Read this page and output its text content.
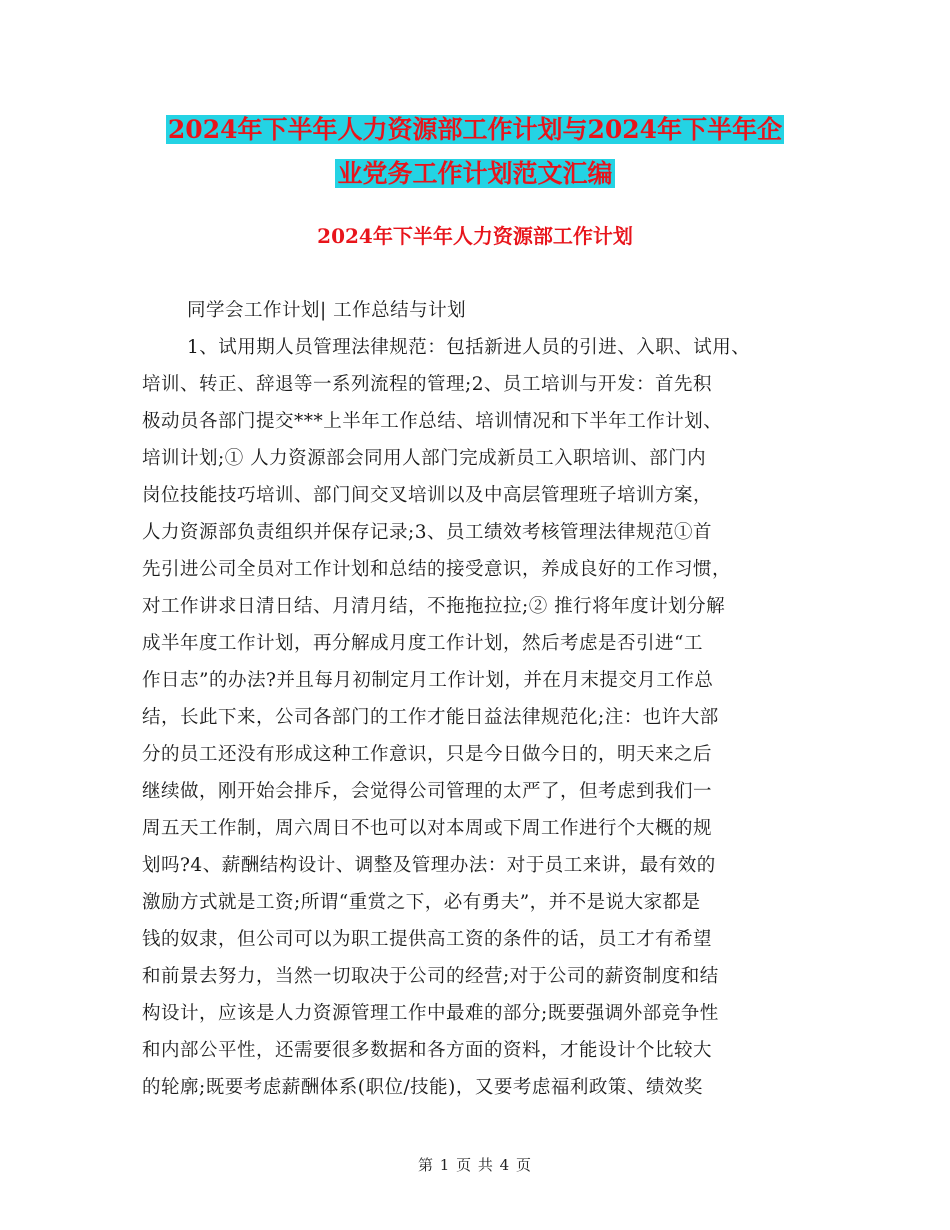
2024年下半年人力资源部工作计划与2024年下半年企
业党务工作计划范文汇编
2024年下半年人力资源部工作计划
同学会工作计划| 工作总结与计划
1、试用期人员管理法律规范：包括新进人员的引进、入职、试用、
培训、转正、辞退等一系列流程的管理;2、员工培训与开发：首先积
极动员各部门提交***上半年工作总结、培训情况和下半年工作计划、
培训计划;① 人力资源部会同用人部门完成新员工入职培训、部门内
岗位技能技巧培训、部门间交叉培训以及中高层管理班子培训方案，
人力资源部负责组织并保存记录;3、员工绩效考核管理法律规范①首
先引进公司全员对工作计划和总结的接受意识，养成良好的工作习惯，
对工作讲求日清日结、月清月结，不拖拖拉拉;② 推行将年度计划分解
成半年度工作计划，再分解成月度工作计划，然后考虑是否引进“工
作日志”的办法?并且每月初制定月工作计划，并在月末提交月工作总
结，长此下来，公司各部门的工作才能日益法律规范化;注：也许大部
分的员工还没有形成这种工作意识，只是今日做今日的，明天来之后
继续做，刚开始会排斥，会觉得公司管理的太严了，但考虑到我们一
周五天工作制，周六周日不也可以对本周或下周工作进行个大概的规
划吗?4、薪酬结构设计、调整及管理办法：对于员工来讲，最有效的
激励方式就是工资;所谓“重赏之下，必有勇夫”，并不是说大家都是
钱的奴隶，但公司可以为职工提供高工资的条件的话，员工才有希望
和前景去努力，当然一切取决于公司的经营;对于公司的薪资制度和结
构设计，应该是人力资源管理工作中最难的部分;既要强调外部竞争性
和内部公平性，还需要很多数据和各方面的资料，才能设计个比较大
的轮廓;既要考虑薪酬体系(职位/技能)，又要考虑福利政策、绩效奖
第 1 页 共 4 页
